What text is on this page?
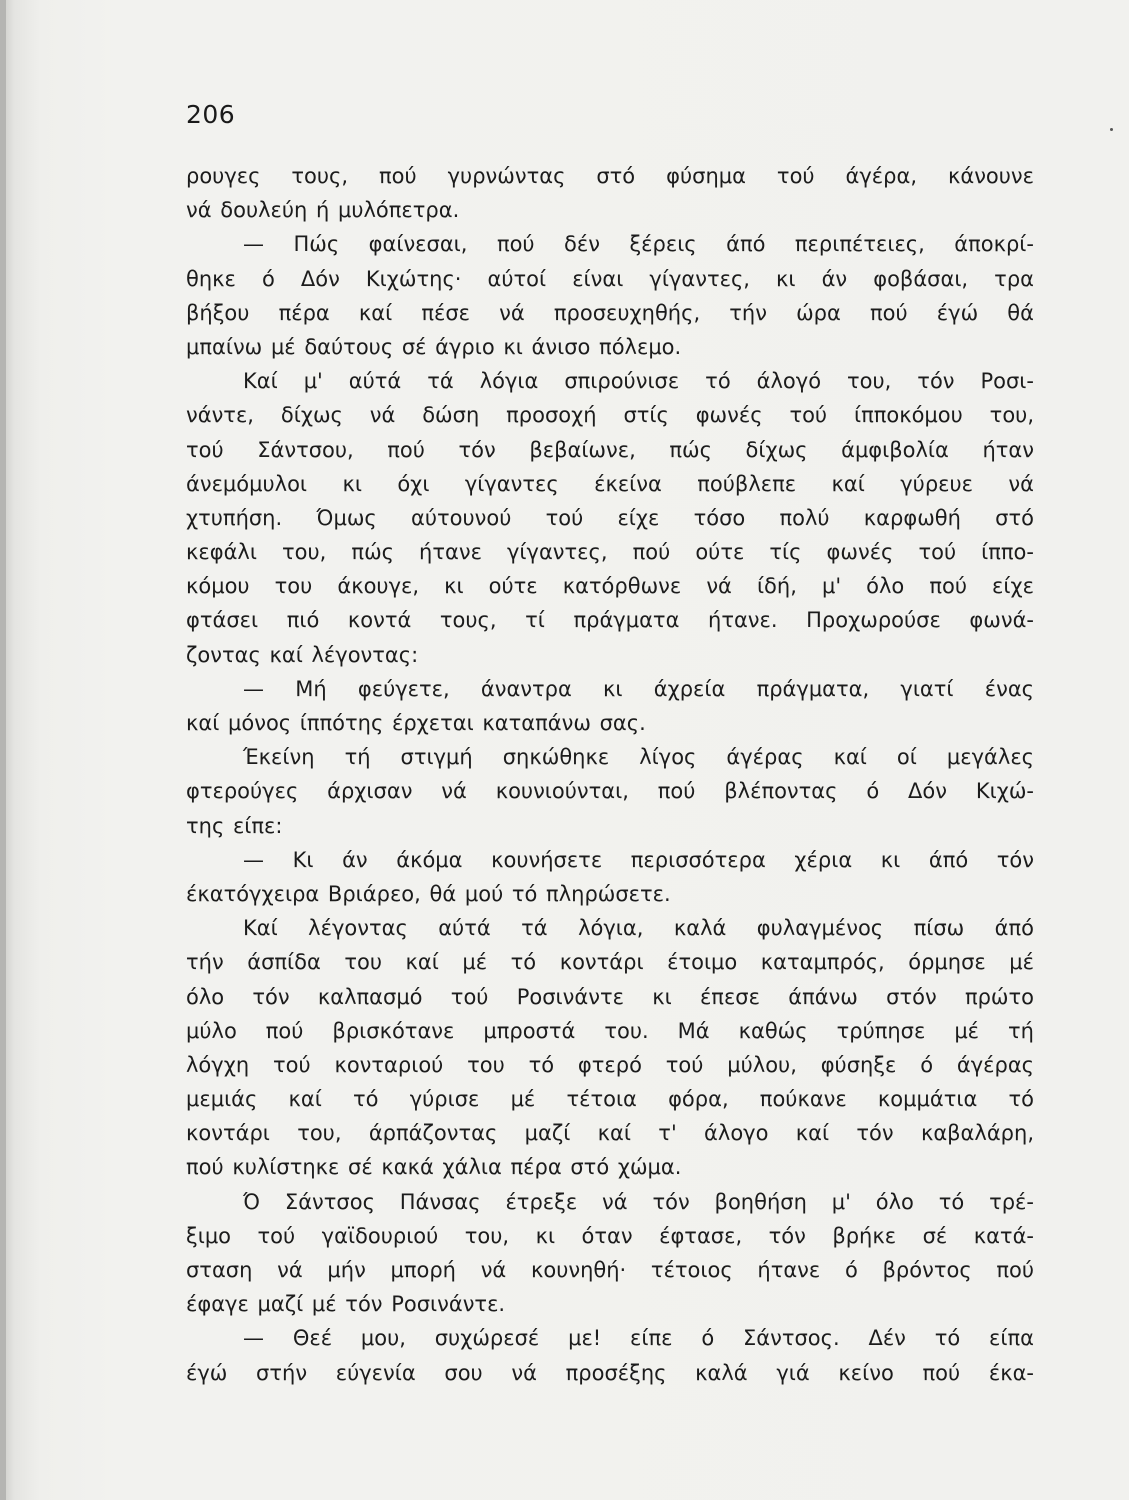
206
ρουγες τους, πού γυρνώντας στό φύσημα τού άγέρα, κάνουνε
νά δουλεύη ή μυλόπετρα.
— Πώς φαίνεσαι, πού δέν ξέρεις άπό περιπέτειες, άποκρί-
θηκε ό Δόν Κιχώτης· αύτοί είναι γίγαντες, κι άν φοβάσαι, τρα
βήξου πέρα καί πέσε νά προσευχηθής, τήν ώρα πού έγώ θά
μπαίνω μέ δαύτους σέ άγριο κι άνισο πόλεμο.
Καί μ' αύτά τά λόγια σπιρούνισε τό άλογό του, τόν Ροσι-
νάντε, δίχως νά δώση προσοχή στίς φωνές τού ίπποκόμου του,
τού Σάντσου, πού τόν βεβαίωνε, πώς δίχως άμφιβολία ήταν
άνεμόμυλοι κι όχι γίγαντες έκείνα πούβλεπε καί γύρευε νά
χτυπήση. Όμως αύτουνού τού είχε τόσο πολύ καρφωθή στό
κεφάλι του, πώς ήτανε γίγαντες, πού ούτε τίς φωνές τού ίππο-
κόμου του άκουγε, κι ούτε κατόρθωνε νά ίδή, μ' όλο πού είχε
φτάσει πιό κοντά τους, τί πράγματα ήτανε. Προχωρούσε φωνά-
ζοντας καί λέγοντας:
— Μή φεύγετε, άναντρα κι άχρεία πράγματα, γιατί ένας
καί μόνος ίππότης έρχεται καταπάνω σας.
Έκείνη τή στιγμή σηκώθηκε λίγος άγέρας καί οί μεγάλες
φτερούγες άρχισαν νά κουνιούνται, πού βλέποντας ό Δόν Κιχώ-
της είπε:
— Κι άν άκόμα κουνήσετε περισσότερα χέρια κι άπό τόν
έκατόγχειρα Βριάρεο, θά μού τό πληρώσετε.
Καί λέγοντας αύτά τά λόγια, καλά φυλαγμένος πίσω άπό
τήν άσπίδα του καί μέ τό κοντάρι έτοιμο καταμπρός, όρμησε μέ
όλο τόν καλπασμό τού Ροσινάντε κι έπεσε άπάνω στόν πρώτο
μύλο πού βρισκότανε μπροστά του. Μά καθώς τρύπησε μέ τή
λόγχη τού κονταριού του τό φτερό τού μύλου, φύσηξε ό άγέρας
μεμιάς καί τό γύρισε μέ τέτοια φόρα, πούκανε κομμάτια τό
κοντάρι του, άρπάζοντας μαζί καί τ' άλογο καί τόν καβαλάρη,
πού κυλίστηκε σέ κακά χάλια πέρα στό χώμα.
Ό Σάντσος Πάνσας έτρεξε νά τόν βοηθήση μ' όλο τό τρέ-
ξιμο τού γαϊδουριού του, κι όταν έφτασε, τόν βρήκε σέ κατά-
σταση νά μήν μπορή νά κουνηθή· τέτοιος ήτανε ό βρόντος πού
έφαγε μαζί μέ τόν Ροσινάντε.
— Θεέ μου, συχώρεσέ με! είπε ό Σάντσος. Δέν τό είπα
έγώ στήν εύγενία σου νά προσέξης καλά γιά κείνο πού έκα-
